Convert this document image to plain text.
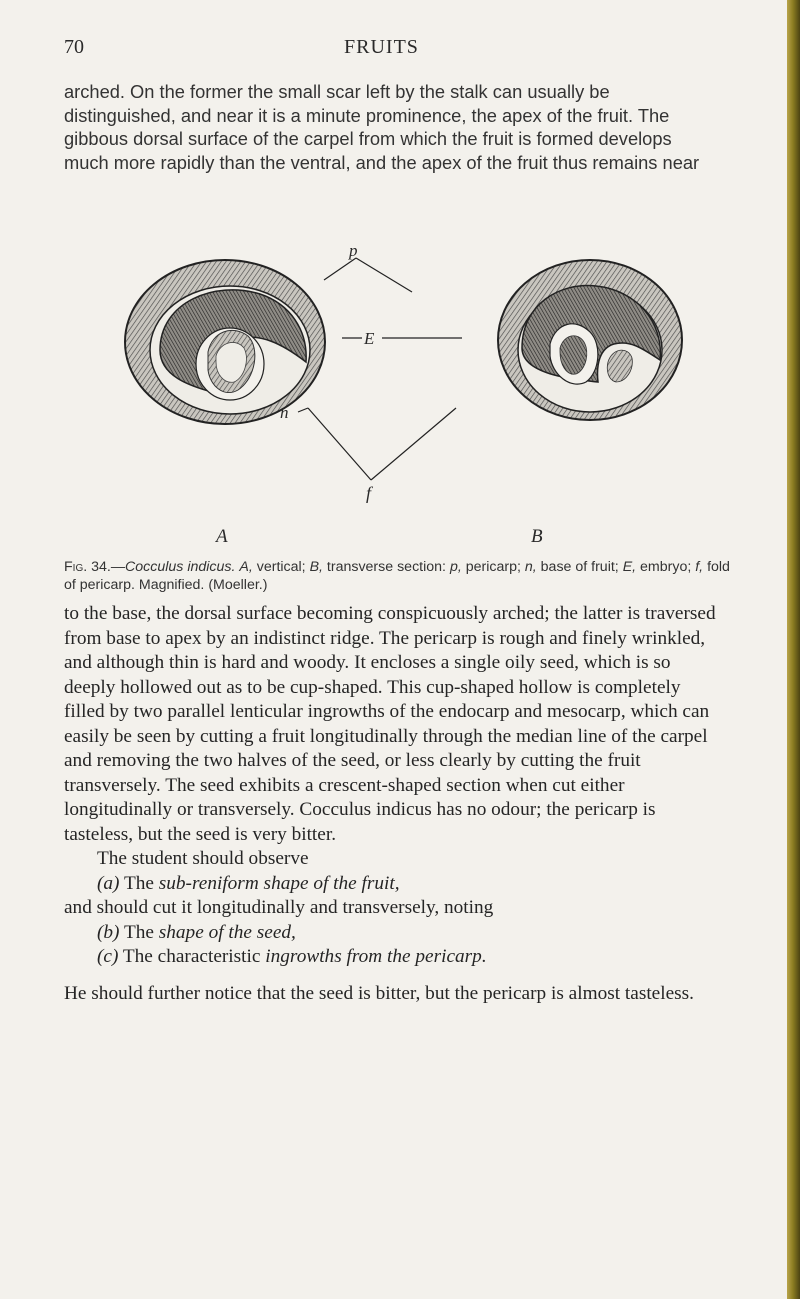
70	FRUITS

arched. On the former the small scar left by the stalk can usually be distinguished, and near it is a minute prominence, the apex of the fruit. The gibbous dorsal surface of the carpel from which the fruit is formed develops much more rapidly than the ventral, and the apex of the fruit thus remains near

p
E
n
f
A	B
Fig. 34.—Cocculus indicus. A, vertical; B, transverse section: p, pericarp; n, base of fruit; E, embryo; f, fold of pericarp. Magnified. (Moeller.)

to the base, the dorsal surface becoming conspicuously arched; the latter is traversed from base to apex by an indistinct ridge. The pericarp is rough and finely wrinkled, and although thin is hard and woody. It encloses a single oily seed, which is so deeply hollowed out as to be cup-shaped. This cup-shaped hollow is completely filled by two parallel lenticular ingrowths of the endocarp and mesocarp, which can easily be seen by cutting a fruit longitudinally through the median line of the carpel and removing the two halves of the seed, or less clearly by cutting the fruit transversely. The seed exhibits a crescent-shaped section when cut either longitudinally or transversely. Cocculus indicus has no odour; the pericarp is tasteless, but the seed is very bitter.

The student should observe

(a) The sub-reniform shape of the fruit,

and should cut it longitudinally and transversely, noting

(b) The shape of the seed,

(c) The characteristic ingrowths from the pericarp.

He should further notice that the seed is bitter, but the pericarp is almost tasteless.
